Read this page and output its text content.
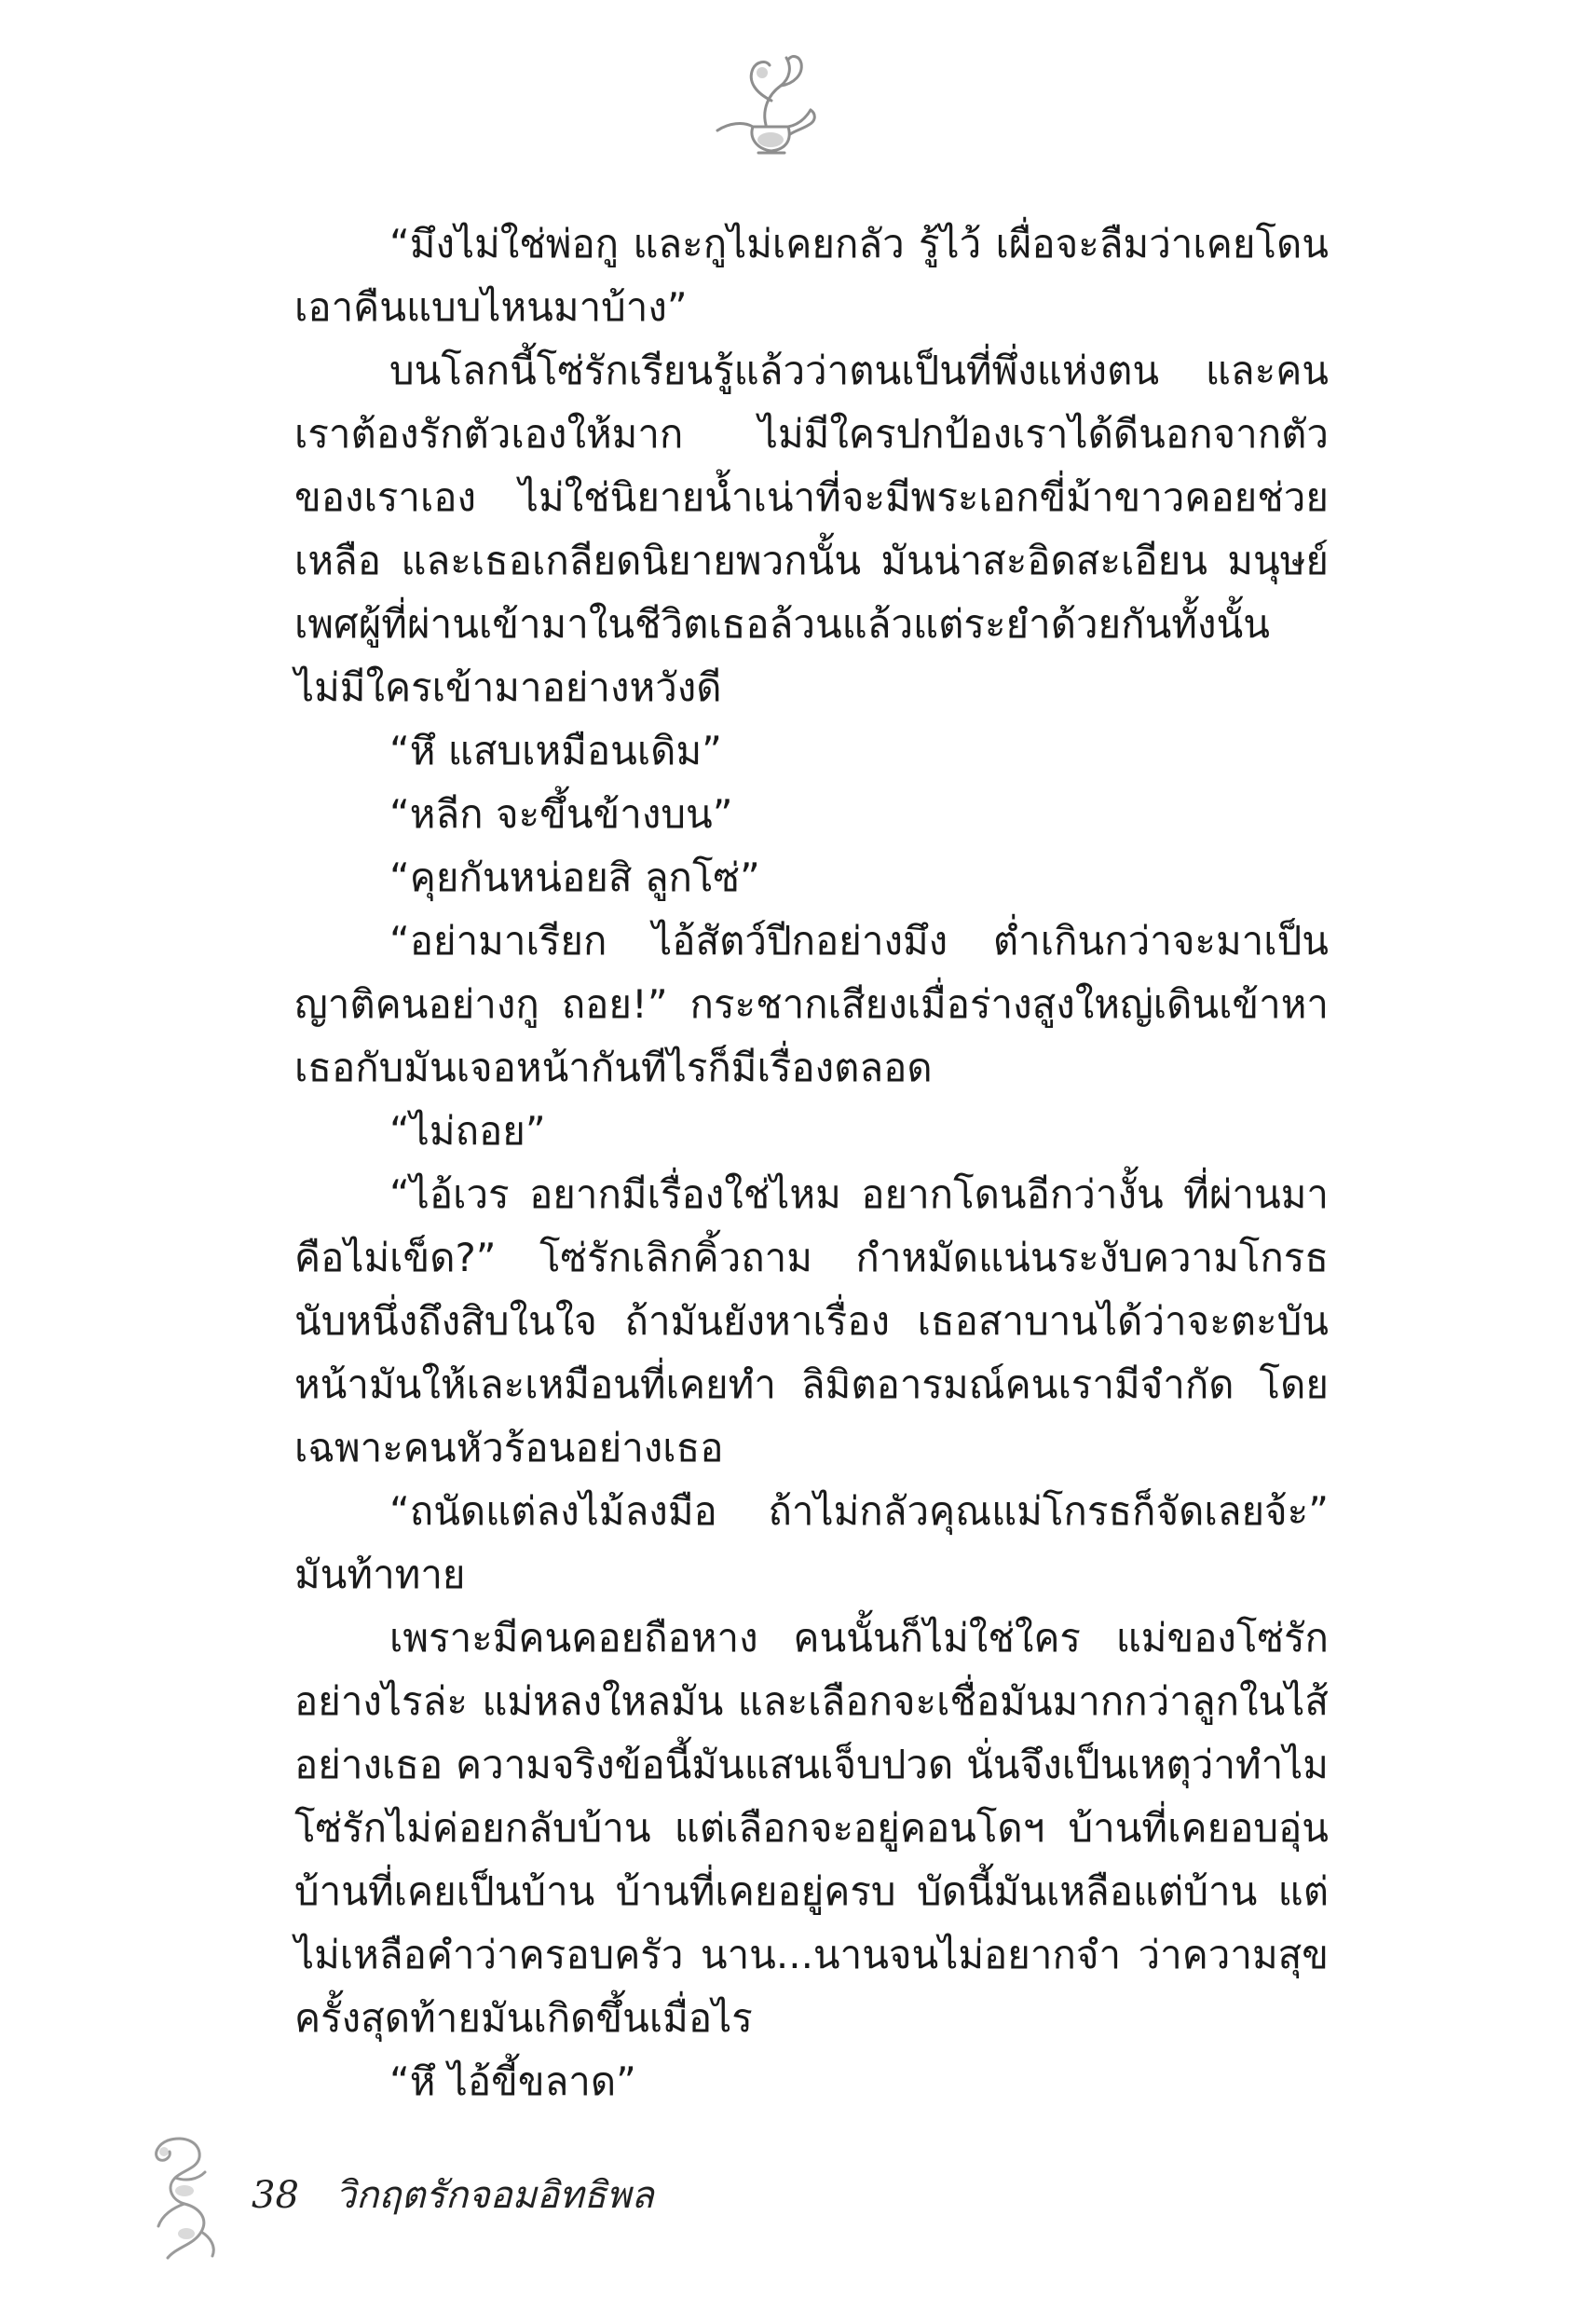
“มึงไม่ใช่พ่อกู และกูไม่เคยกลัว รู้ไว้ เผื่อจะลืมว่าเคยโดนเอาคืนแบบไหนมาบ้าง”

บนโลกนี้โซ่รักเรียนรู้แล้วว่าตนเป็นที่พึ่งแห่งตน และคนเราต้องรักตัวเองให้มาก ไม่มีใครปกป้องเราได้ดีนอกจากตัวของเราเอง ไม่ใช่นิยายน้ำเน่าที่จะมีพระเอกขี่ม้าขาวคอยช่วยเหลือ และเธอเกลียดนิยายพวกนั้น มันน่าสะอิดสะเอียน มนุษย์เพศผู้ที่ผ่านเข้ามาในชีวิตเธอล้วนแล้วแต่ระยำด้วยกันทั้งนั้น ไม่มีใครเข้ามาอย่างหวังดี

“หึ แสบเหมือนเดิม”

“หลีก จะขึ้นข้างบน”

“คุยกันหน่อยสิ ลูกโซ่”

“อย่ามาเรียก ไอ้สัตว์ปีกอย่างมึง ต่ำเกินกว่าจะมาเป็นญาติคนอย่างกู ถอย!” กระชากเสียงเมื่อร่างสูงใหญ่เดินเข้าหา เธอกับมันเจอหน้ากันทีไรก็มีเรื่องตลอด

“ไม่ถอย”

“ไอ้เวร อยากมีเรื่องใช่ไหม อยากโดนอีกว่างั้น ที่ผ่านมาคือไม่เข็ด?” โซ่รักเลิกคิ้วถาม กำหมัดแน่นระงับความโกรธ นับหนึ่งถึงสิบในใจ ถ้ามันยังหาเรื่อง เธอสาบานได้ว่าจะตะบันหน้ามันให้เละเหมือนที่เคยทำ ลิมิตอารมณ์คนเรามีจำกัด โดยเฉพาะคนหัวร้อนอย่างเธอ

“ถนัดแต่ลงไม้ลงมือ ถ้าไม่กลัวคุณแม่โกรธก็จัดเลยจ้ะ” มันท้าทาย

เพราะมีคนคอยถือหาง คนนั้นก็ไม่ใช่ใคร แม่ของโซ่รักอย่างไรล่ะ แม่หลงใหลมัน และเลือกจะเชื่อมันมากกว่าลูกในไส้อย่างเธอ ความจริงข้อนี้มันแสนเจ็บปวด นั่นจึงเป็นเหตุว่าทำไมโซ่รักไม่ค่อยกลับบ้าน แต่เลือกจะอยู่คอนโดฯ บ้านที่เคยอบอุ่น บ้านที่เคยเป็นบ้าน บ้านที่เคยอยู่ครบ บัดนี้มันเหลือแต่บ้าน แต่ไม่เหลือคำว่าครอบครัว นาน...นานจนไม่อยากจำ ว่าความสุขครั้งสุดท้ายมันเกิดขึ้นเมื่อไร

“หึ ไอ้ขี้ขลาด”

38 วิกฤตรักจอมอิทธิพล
